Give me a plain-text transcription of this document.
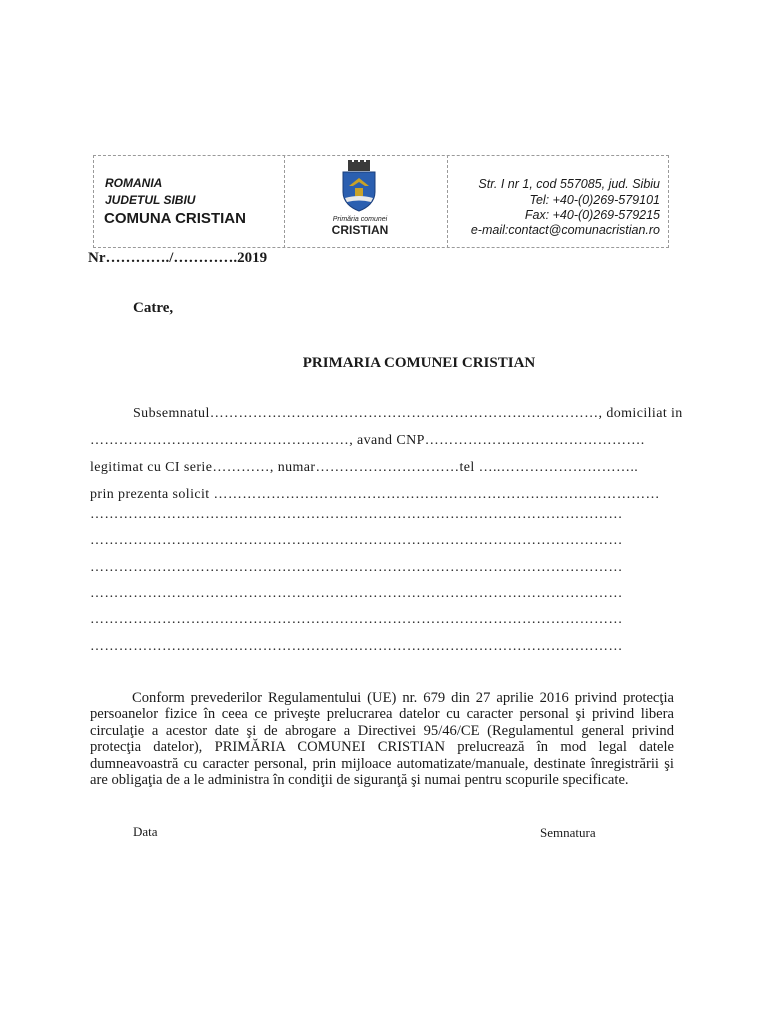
ROMANIA
JUDETUL SIBIU
COMUNA CRISTIAN	Primăria comunei
CRISTIAN
Str. I nr 1, cod 557085, jud. Sibiu
Tel: +40-(0)269-579101
Fax: +40-(0)269-579215
e-mail:contact@comunacristian.ro
Nr…………./………….2019
Catre,
PRIMARIA COMUNEI CRISTIAN
Subsemnatul………………………………………………………………………, domiciliat in
………………………………………………, avand CNP……………………………………….
legitimat cu CI serie…………, numar…………………………tel …..………………………..
prin prezenta solicit …………………………………………………………………………………
…………………………………………………………………………………………………
…………………………………………………………………………………………………
…………………………………………………………………………………………………
…………………………………………………………………………………………………
…………………………………………………………………………………………………
…………………………………………………………………………………………………
Conform prevederilor Regulamentului (UE) nr. 679 din 27 aprilie 2016 privind protecţia persoanelor fizice în ceea ce priveşte prelucrarea datelor cu caracter personal şi privind libera circulaţie a acestor date şi de abrogare a Directivei 95/46/CE (Regulamentul general privind protecţia datelor), PRIMĂRIA COMUNEI CRISTIAN prelucrează în mod legal datele dumneavoastră cu caracter personal, prin mijloace automatizate/manuale, destinate înregistrării şi are obligaţia de a le administra în condiţii de siguranţă şi numai pentru scopurile specificate.
Data	Semnatura
